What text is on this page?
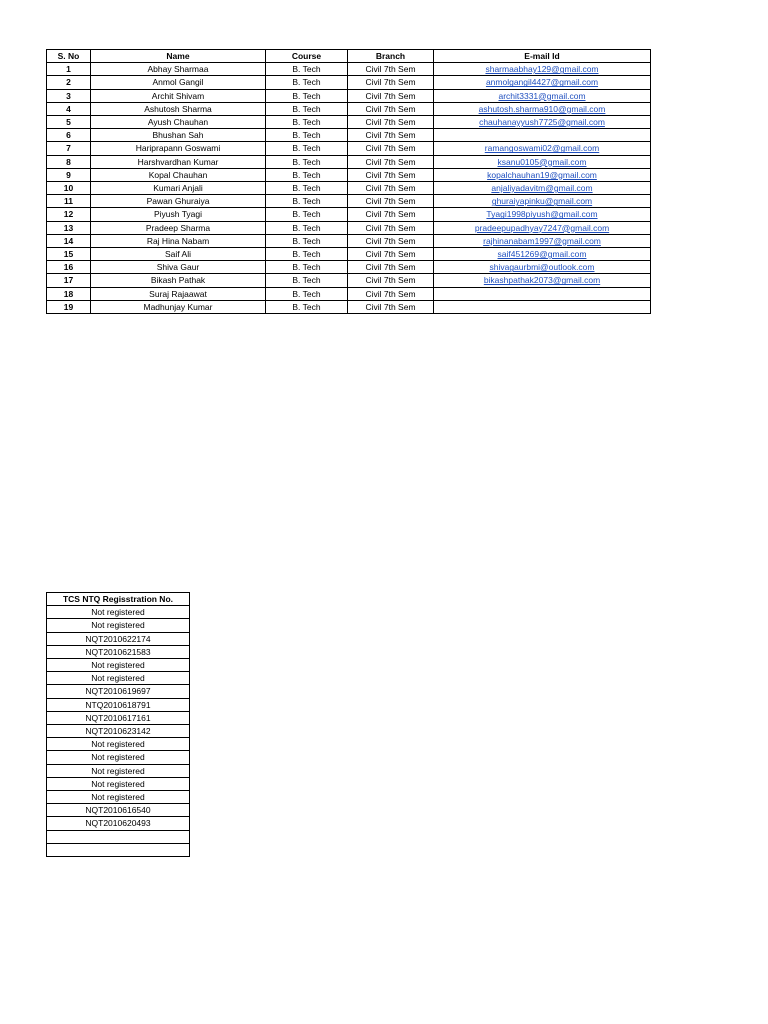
S. No	Name	Course	Branch	E-mail Id
1	Abhay Sharmaa	B. Tech	Civil 7th Sem	sharmaabhay129@gmail.com
2	Anmol Gangil	B. Tech	Civil 7th Sem	anmolgangil4427@gmail.com
3	Archit Shivam	B. Tech	Civil 7th Sem	archit3331@gmail.com
4	Ashutosh Sharma	B. Tech	Civil 7th Sem	ashutosh.sharma910@gmail.com
5	Ayush Chauhan	B. Tech	Civil 7th Sem	chauhanayyush7725@gmail.com
6	Bhushan Sah	B. Tech	Civil 7th Sem	
7	Hariprapann Goswami	B. Tech	Civil 7th Sem	ramangoswami02@gmail.com
8	Harshvardhan Kumar	B. Tech	Civil 7th Sem	ksanu0105@gmail.com
9	Kopal Chauhan	B. Tech	Civil 7th Sem	kopalchauhan19@gmail.com
10	Kumari Anjali	B. Tech	Civil 7th Sem	anjaliyadavitm@gmail.com
11	Pawan Ghuraiya	B. Tech	Civil 7th Sem	ghuraiyapinku@gmail.com
12	Piyush Tyagi	B. Tech	Civil 7th Sem	Tyagi1998piyush@gmail.com
13	Pradeep Sharma	B. Tech	Civil 7th Sem	pradeepupadhyay7247@gmail.com
14	Raj Hina Nabam	B. Tech	Civil 7th Sem	rajhinanabam1997@gmail.com
15	Saif Ali	B. Tech	Civil 7th Sem	saif451269@gmail.com
16	Shiva Gaur	B. Tech	Civil 7th Sem	shivagaurbmi@outlook.com
17	Bikash Pathak	B. Tech	Civil 7th Sem	bikashpathak2073@gmail.com
18	Suraj Rajaawat	B. Tech	Civil 7th Sem	
19	Madhunjay Kumar	B. Tech	Civil 7th Sem	
TCS NTQ Regisstration No.
Not registered
Not registered
NQT2010622174
NQT2010621583
Not registered
Not registered
NQT2010619697
NTQ2010618791
NQT2010617161
NQT2010623142
Not registered
Not registered
Not registered
Not registered
Not registered
NQT2010616540
NQT2010620493
